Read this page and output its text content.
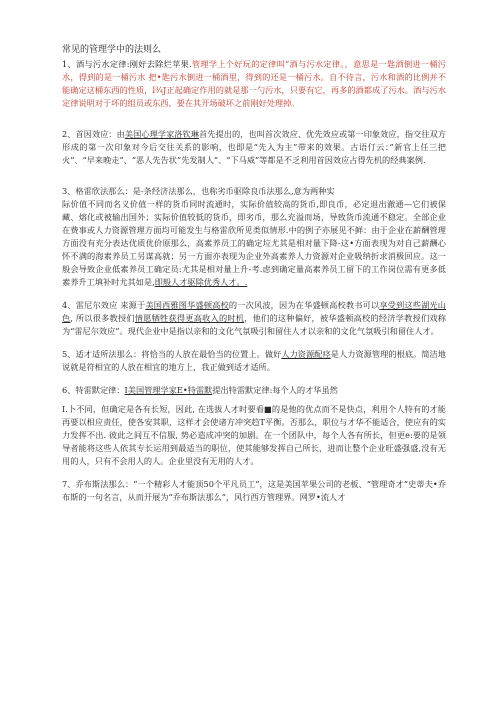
常见的管理学中的法则么

1、酒与污水定律:刚好去除烂苹果.管理学上个好玩的定律叫“酒与污水定律。，意思是一匙酒倒进一桶污水，得到的是一桶污水 把•匙污水倒进一桶酒里，得到的还是一桶污水。自不待言，污水和酒的比例并不能确定这桶东西的性质，l¾J正起确定作用的就是那一勺污水，只要有它，再多的酒都成了污水。酒与污水定律说明对于坏的组员或东西，要在其开场破坏之前刚好处理掉。

2、首因效应：由美国心理学家洛钦琳首先提出的，也叫首次效应、优先效应或第一印象效应，指交往双方形成的第一次印象对今后交往关系的影响，也即是“先入为主”带来的效果。古语仃云：”新官上任三把火”、“早来晚走”、“恶人先告状”先发制人”、“下马威”等都是不乏利用首因效应占得先机的经典案例.

3、格雷欣法那么：是-条经济法那么，也称劣币驱除良币法那么,意为两种实

际价值不同而名义价值一样的货币同时流通时，实际价值较高的货币,即良币，必定退出澈通—它们被保藏、熔化或被输出国外；实际价值较低的货币，即劣币，那么充溢而场，导致货币流通不稳定。全部企业在费事或人力资源管理方面均可能发生与格雷欣所见类似情形.中的例子亦展见不鲜：由于企业在薪酬管理方面没有充分表达优质优价原那么，高素养员工的确定垃尤其是相对量下降-这•方面表现为对自己薪酬心怀不满的海素养员工另谋高就；另一方面亦表现为企业外高素养人力资源对企业吸纳折求消极回应。这一般会导致企业低素养员工确定员:尤其是相对量上升-考.虑到确定量高素养员工留下的工作岗位需有更多低素养升工填补时尤其如是,即般人才驱除优秀人才。.

4、雷尼尔效应 来源于美国西雅图华盛顿高校的一次风波，因为在华盛顿高校教书可以享受到这些湖光山色, 所以很多教授们情愿牺牲获得更高收入的时机，他们的这种偏好，被华盛顿高校的经济学教授们戏称为“雷尼尔效应”。现代企业中是指以亲和的文化气氛吸引和留住人才以亲和的文化气氛吸引和留住人才。

5、适才适所法那么：将恰当的人放在最恰当的位置上。做好人力资源配痉是人力资源管理的根底。简洁地说就是符相宜的人放在相宜的地方上，我正做到适才适所。

6、特雷默定律：I美国管理学家E•特雷默提出特雷默定律:每个人的才华虽然

I.卜不同，但确定是各有长短，因此, 在选拔人才时要看■的是他的优点而不是快点，利用个人特有的才能再要以相应责任，使各安其职，这样才会使诸方冲突趋T平衡。否那么，职位与才华不能适合，使应有的实力发挥不出. 彼此之间互不信服, 势必造成冲突的加剧。在一个团队中，每个人各有所长，但更e:要的是领导者能将这些人依其专长运用到最适当的职位，使其能够发挥自己所长，进而让整个企业旺盛强盛,没有无用的人，只有不会用人的人。企业里没有无用的人才。

7、乔布斯法那么：“一个精彩人才能顶50个平凡员工”，这是美国苹果公司的老板、“管理奇才”史蒂夫•乔布斯的一句名言，从而开展为“乔布斯法那么”，风行西方管理界。网罗•流人才
